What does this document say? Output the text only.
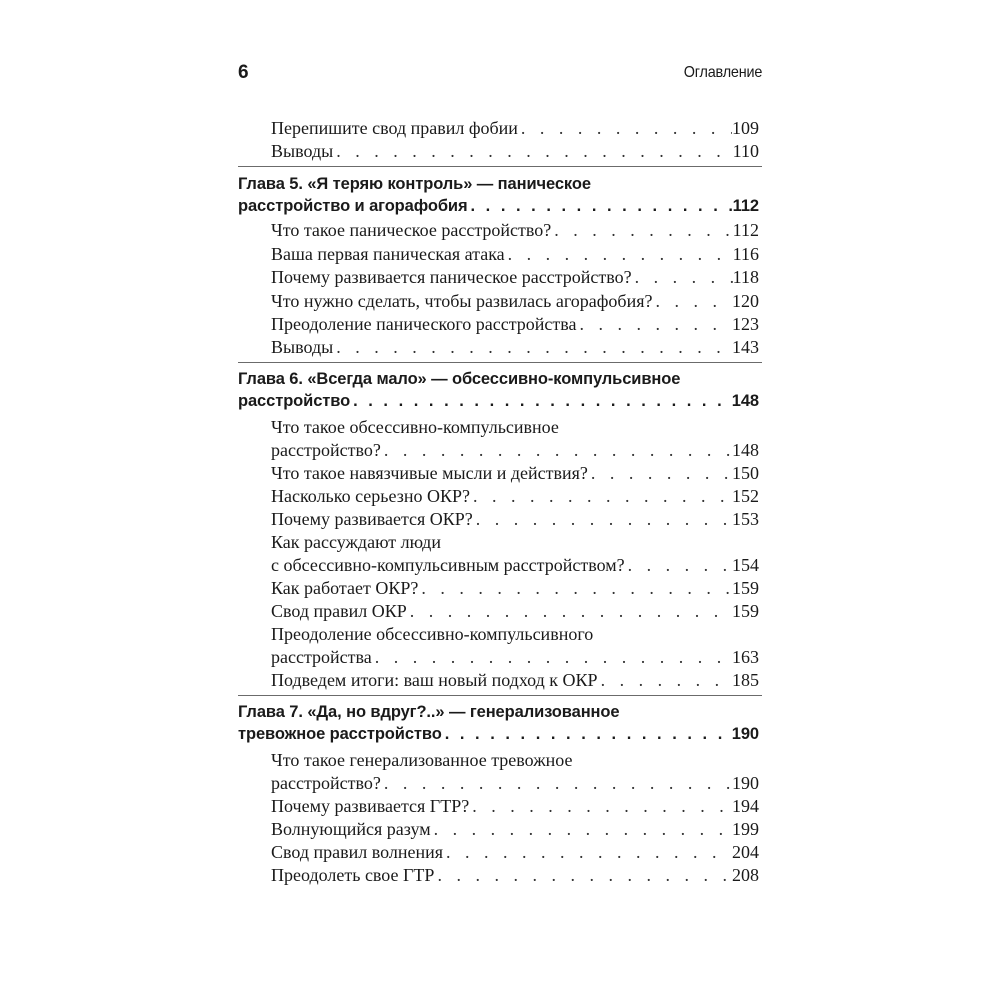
6	Оглавление
Перепишите свод правил фобии . . .	109
Выводы . . .	110
Глава 5. «Я теряю контроль» — паническое
расстройство и агорафобия . . .	112
Что такое паническое расстройство? . . .	112
Ваша первая паническая атака . . .	116
Почему развивается паническое расстройство? . . .	118
Что нужно сделать, чтобы развилась агорафобия? . . .	120
Преодоление панического расстройства . . .	123
Выводы . . .	143
Глава 6. «Всегда мало» — обсессивно-компульсивное
расстройство . . .	148
Что такое обсессивно-компульсивное
расстройство? . . .	148
Что такое навязчивые мысли и действия? . . .	150
Насколько серьезно ОКР? . . .	152
Почему развивается ОКР? . . .	153
Как рассуждают люди
с обсессивно-компульсивным расстройством? . . .	154
Как работает ОКР? . . .	159
Свод правил ОКР . . .	159
Преодоление обсессивно-компульсивного
расстройства . . .	163
Подведем итоги: ваш новый подход к ОКР . . .	185
Глава 7. «Да, но вдруг?..» — генерализованное
тревожное расстройство . . .	190
Что такое генерализованное тревожное
расстройство? . . .	190
Почему развивается ГТР? . . .	194
Волнующийся разум . . .	199
Свод правил волнения . . .	204
Преодолеть свое ГТР . . .	208
